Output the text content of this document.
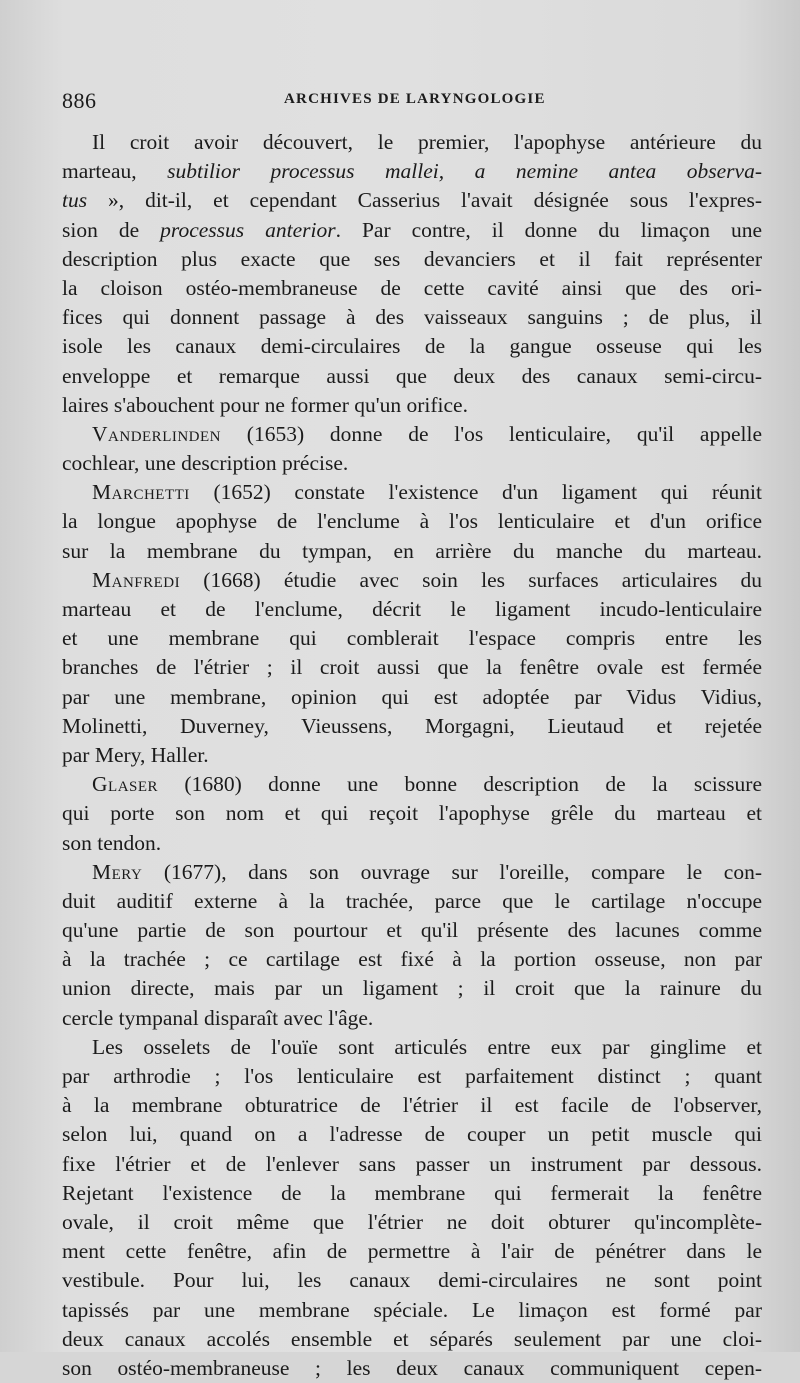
886	ARCHIVES DE LARYNGOLOGIE
Il croit avoir découvert, le premier, l'apophyse antérieure du
marteau, subtilior processus mallei, a nemine antea observa-
tus », dit-il, et cependant Casserius l'avait désignée sous l'expres-
sion de processus anterior. Par contre, il donne du limaçon une
description plus exacte que ses devanciers et il fait représenter
la cloison ostéo-membraneuse de cette cavité ainsi que des ori-
fices qui donnent passage à des vaisseaux sanguins ; de plus, il
isole les canaux demi-circulaires de la gangue osseuse qui les
enveloppe et remarque aussi que deux des canaux semi-circu-
laires s'abouchent pour ne former qu'un orifice.
Vanderlinden (1653) donne de l'os lenticulaire, qu'il appelle
cochlear, une description précise.
Marchetti (1652) constate l'existence d'un ligament qui réunit
la longue apophyse de l'enclume à l'os lenticulaire et d'un orifice
sur la membrane du tympan, en arrière du manche du marteau.
Manfredi (1668) étudie avec soin les surfaces articulaires du
marteau et de l'enclume, décrit le ligament incudo-lenticulaire
et une membrane qui comblerait l'espace compris entre les
branches de l'étrier ; il croit aussi que la fenêtre ovale est fermée
par une membrane, opinion qui est adoptée par Vidus Vidius,
Molinetti, Duverney, Vieussens, Morgagni, Lieutaud et rejetée
par Mery, Haller.
Glaser (1680) donne une bonne description de la scissure
qui porte son nom et qui reçoit l'apophyse grêle du marteau et
son tendon.
Mery (1677), dans son ouvrage sur l'oreille, compare le con-
duit auditif externe à la trachée, parce que le cartilage n'occupe
qu'une partie de son pourtour et qu'il présente des lacunes comme
à la trachée ; ce cartilage est fixé à la portion osseuse, non par
union directe, mais par un ligament ; il croit que la rainure du
cercle tympanal disparaît avec l'âge.
Les osselets de l'ouïe sont articulés entre eux par ginglime et
par arthrodie ; l'os lenticulaire est parfaitement distinct ; quant
à la membrane obturatrice de l'étrier il est facile de l'observer,
selon lui, quand on a l'adresse de couper un petit muscle qui
fixe l'étrier et de l'enlever sans passer un instrument par dessous.
Rejetant l'existence de la membrane qui fermerait la fenêtre
ovale, il croit même que l'étrier ne doit obturer qu'incomplète-
ment cette fenêtre, afin de permettre à l'air de pénétrer dans le
vestibule. Pour lui, les canaux demi-circulaires ne sont point
tapissés par une membrane spéciale. Le limaçon est formé par
deux canaux accolés ensemble et séparés seulement par une cloi-
son ostéo-membraneuse ; les deux canaux communiquent cepen-
